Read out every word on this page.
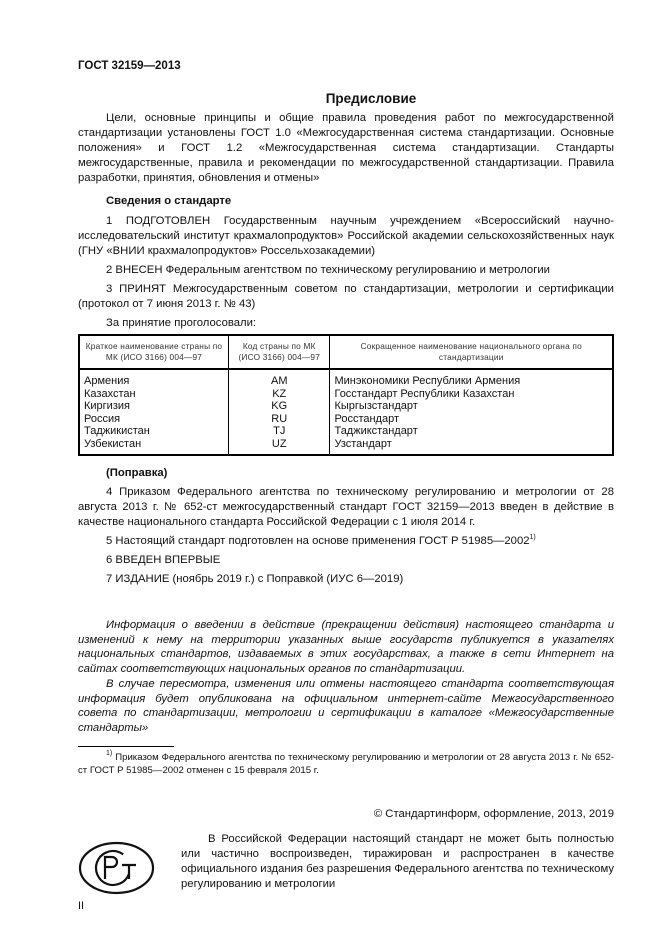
ГОСТ 32159—2013
Предисловие

Цели, основные принципы и общие правила проведения работ по межгосударственной стандартизации установлены ГОСТ 1.0 «Межгосударственная система стандартизации. Основные положения» и ГОСТ 1.2 «Межгосударственная система стандартизации. Стандарты межгосударственные, правила и рекомендации по межгосударственной стандартизации. Правила разработки, принятия, обновления и отмены»

Сведения о стандарте

1 ПОДГОТОВЛЕН Государственным научным учреждением «Всероссийский научно-исследовательский институт крахмалопродуктов» Российской академии сельскохозяйственных наук (ГНУ «ВНИИ крахмалопродуктов» Россельхозакадемии)

2 ВНЕСЕН Федеральным агентством по техническому регулированию и метрологии

3 ПРИНЯТ Межгосударственным советом по стандартизации, метрологии и сертификации (протокол от 7 июня 2013 г. № 43)

За принятие проголосовали:

Краткое наименование страны по МК (ИСО 3166) 004—97	Код страны по МК (ИСО 3166) 004—97	Сокращенное наименование национального органа по стандартизации
Армения	AM	Минэкономики Республики Армения
Казахстан	KZ	Госстандарт Республики Казахстан
Киргизия	KG	Кыргызстандарт
Россия	RU	Росстандарт
Таджикистан	TJ	Таджикстандарт
Узбекистан	UZ	Узстандарт
(Поправка)

4 Приказом Федерального агентства по техническому регулированию и метрологии от 28 августа 2013 г. № 652-ст межгосударственный стандарт ГОСТ 32159—2013 введен в действие в качестве национального стандарта Российской Федерации с 1 июля 2014 г.

5 Настоящий стандарт подготовлен на основе применения ГОСТ Р 51985—2002$^{1)}$

6 ВВЕДЕН ВПЕРВЫЕ

7 ИЗДАНИЕ (ноябрь 2019 г.) с Поправкой (ИУС 6—2019)

Информация о введении в действие (прекращении действия) настоящего стандарта и изменений к нему на территории указанных выше государств публикуется в указателях национальных стандартов, издаваемых в этих государствах, а также в сети Интернет на сайтах соответствующих национальных органов по стандартизации.

В случае пересмотра, изменения или отмены настоящего стандарта соответствующая информация будет опубликована на официальном интернет-сайте Межгосударственного совета по стандартизации, метрологии и сертификации в каталоге «Межгосударственные стандарты»

$^{1)}$ Приказом Федерального агентства по техническому регулированию и метрологии от 28 августа 2013 г. № 652-ст ГОСТ Р 51985—2002 отменен с 15 февраля 2015 г.

© Стандартинформ, оформление, 2013, 2019

В Российской Федерации настоящий стандарт не может быть полностью или частично воспроизведен, тиражирован и распространен в качестве официального издания без разрешения Федерального агентства по техническому регулированию и метрологии

II
